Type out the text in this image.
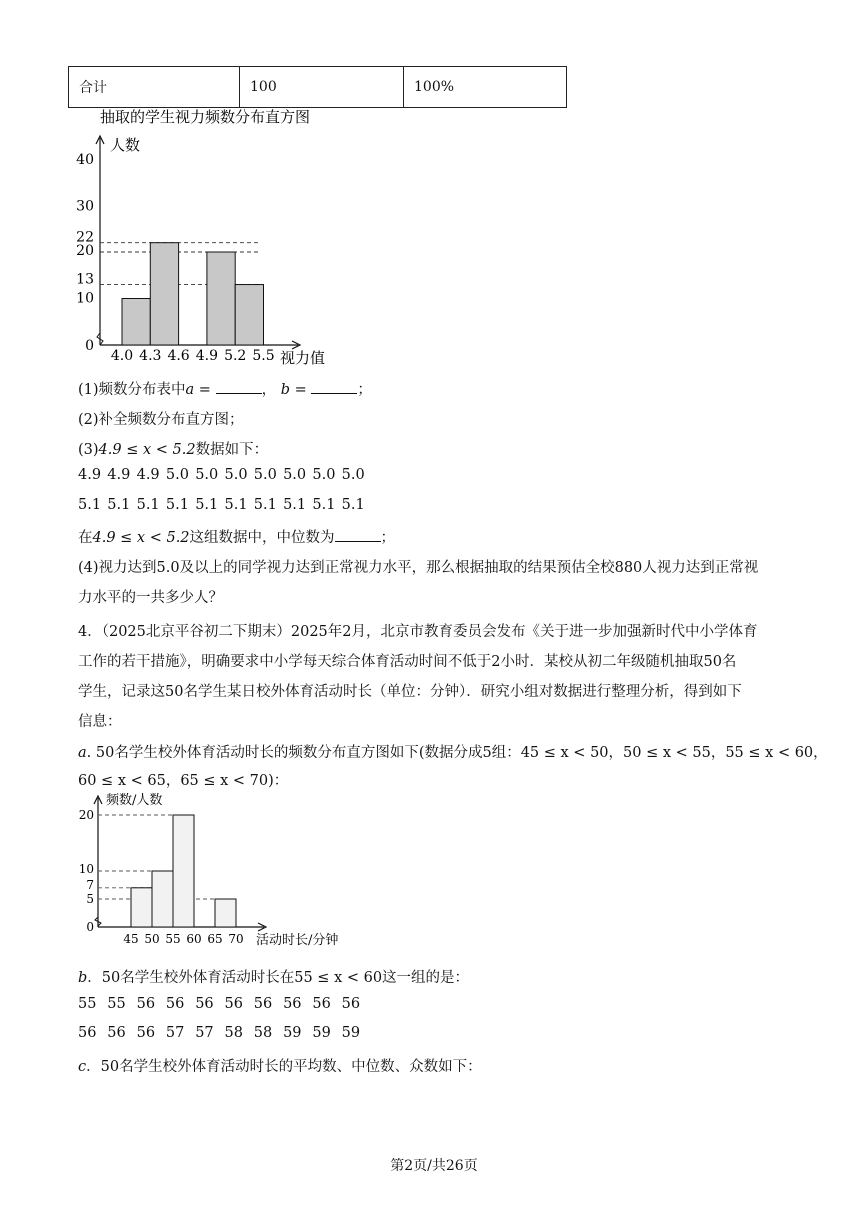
合计	100	100%
抽取的学生视力频数分布直方图
人数
视力值
0
10
13
20
22
30
40
4.0 4.3 4.6 4.9 5.2 5.5
(1)频数分布表中a =	， b =	；
(2)补全频数分布直方图；
(3)4.9 ≤ x < 5.2数据如下：
4.9 4.9 4.9 5.0 5.0 5.0 5.0 5.0 5.0 5.0
5.1 5.1 5.1 5.1 5.1 5.1 5.1 5.1 5.1 5.1
在4.9 ≤ x < 5.2这组数据中，中位数为	；
(4)视力达到5.0及以上的同学视力达到正常视力水平，那么根据抽取的结果预估全校880人视力达到正常视
力水平的一共多少人？
4．（2025北京平谷初二下期末）2025年2月，北京市教育委员会发布《关于进一步加强新时代中小学体育
工作的若干措施》，明确要求中小学每天综合体育活动时间不低于2小时．某校从初二年级随机抽取50名
学生，记录这50名学生某日校外体育活动时长（单位：分钟）．研究小组对数据进行整理分析，得到如下
信息：
a. 50名学生校外体育活动时长的频数分布直方图如下(数据分成5组：45 ≤ x < 50，50 ≤ x < 55，55 ≤ x < 60，
60 ≤ x < 65，65 ≤ x < 70)：
频数/人数
活动时长/分钟
0
5
7
10
20
45 50 55 60 65 70
b．50名学生校外体育活动时长在55 ≤ x < 60这一组的是：
55 55 56 56 56 56 56 56 56 56
56 56 56 57 57 58 58 59 59 59
c．50名学生校外体育活动时长的平均数、中位数、众数如下：
第2页/共26页
